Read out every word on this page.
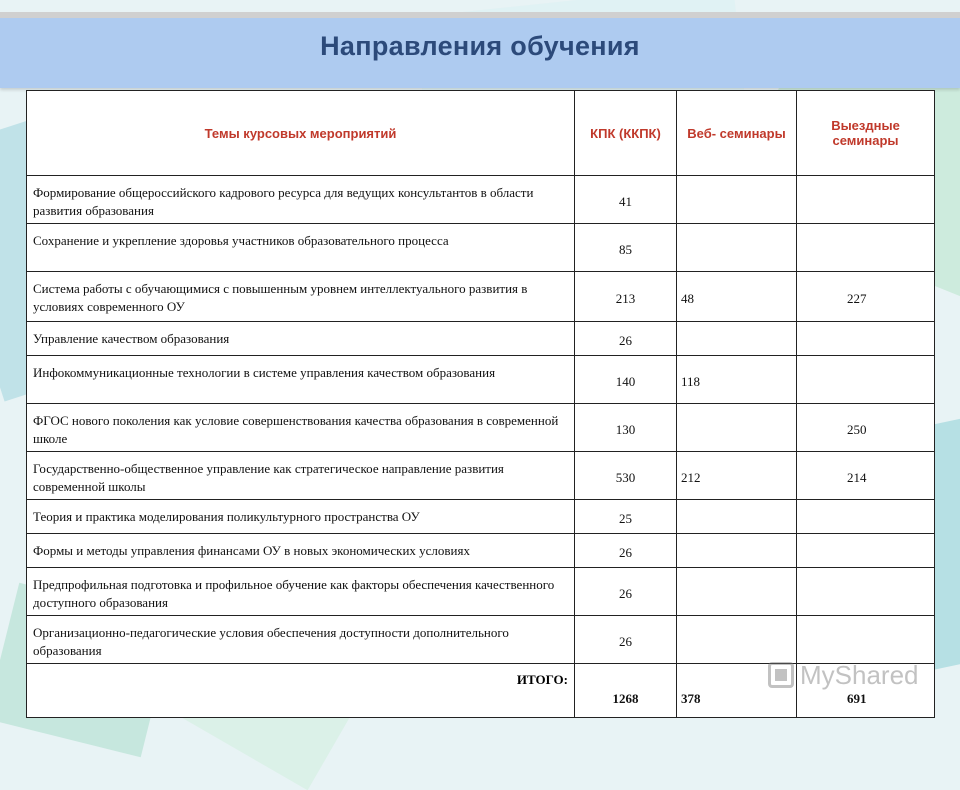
Направления обучения
Темы курсовых мероприятий	КПК (ККПК)	Веб- семинары	Выездные семинары
Формирование общероссийского кадрового ресурса для ведущих консультантов в области развития образования	41		
Сохранение и укрепление здоровья участников образовательного процесса	85		
Система работы с обучающимися с повышенным уровнем интеллектуального развития в условиях современного ОУ	213	48	227
Управление качеством образования	26		
Инфокоммуникационные технологии в системе управления качеством образования	140	118	
ФГОС нового поколения как условие совершенствования качества образования в современной школе	130		250
Государственно-общественное управление как стратегическое направление развития современной школы	530	212	214
Теория и практика моделирования поликультурного пространства ОУ	25		
Формы и методы управления финансами ОУ в новых экономических условиях	26		
Предпрофильная подготовка и профильное обучение как факторы обеспечения качественного доступного образования	26		
Организационно-педагогические условия обеспечения доступности дополнительного образования	26		
ИТОГО:	1268	378	691
MyShared
